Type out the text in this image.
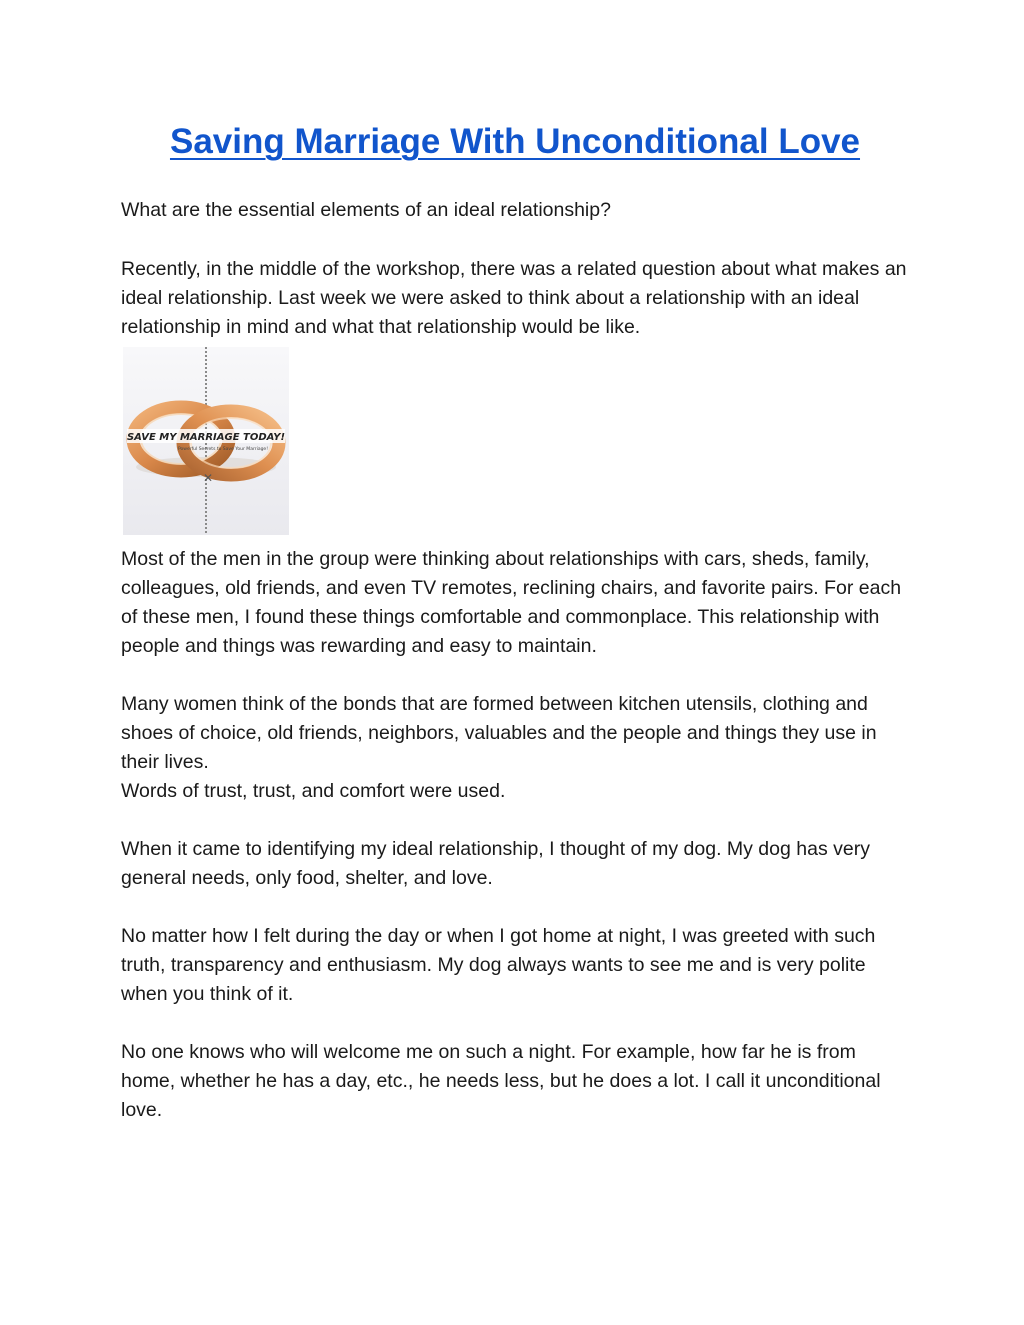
Saving Marriage With Unconditional Love

What are the essential elements of an ideal relationship?

Recently, in the middle of the workshop, there was a related question about what makes an ideal relationship. Last week we were asked to think about a relationship with an ideal relationship in mind and what that relationship would be like.

SAVE MY MARRIAGE TODAY!
Powerful Secrets to Save Your Marriage!
✕

Most of the men in the group were thinking about relationships with cars, sheds, family, colleagues, old friends, and even TV remotes, reclining chairs, and favorite pairs. For each of these men, I found these things comfortable and commonplace. This relationship with people and things was rewarding and easy to maintain.

Many women think of the bonds that are formed between kitchen utensils, clothing and shoes of choice, old friends, neighbors, valuables and the people and things they use in their lives.

Words of trust, trust, and comfort were used.

When it came to identifying my ideal relationship, I thought of my dog. My dog has very general needs, only food, shelter, and love.

No matter how I felt during the day or when I got home at night, I was greeted with such truth, transparency and enthusiasm. My dog always wants to see me and is very polite when you think of it.

No one knows who will welcome me on such a night. For example, how far he is from home, whether he has a day, etc., he needs less, but he does a lot. I call it unconditional love.
